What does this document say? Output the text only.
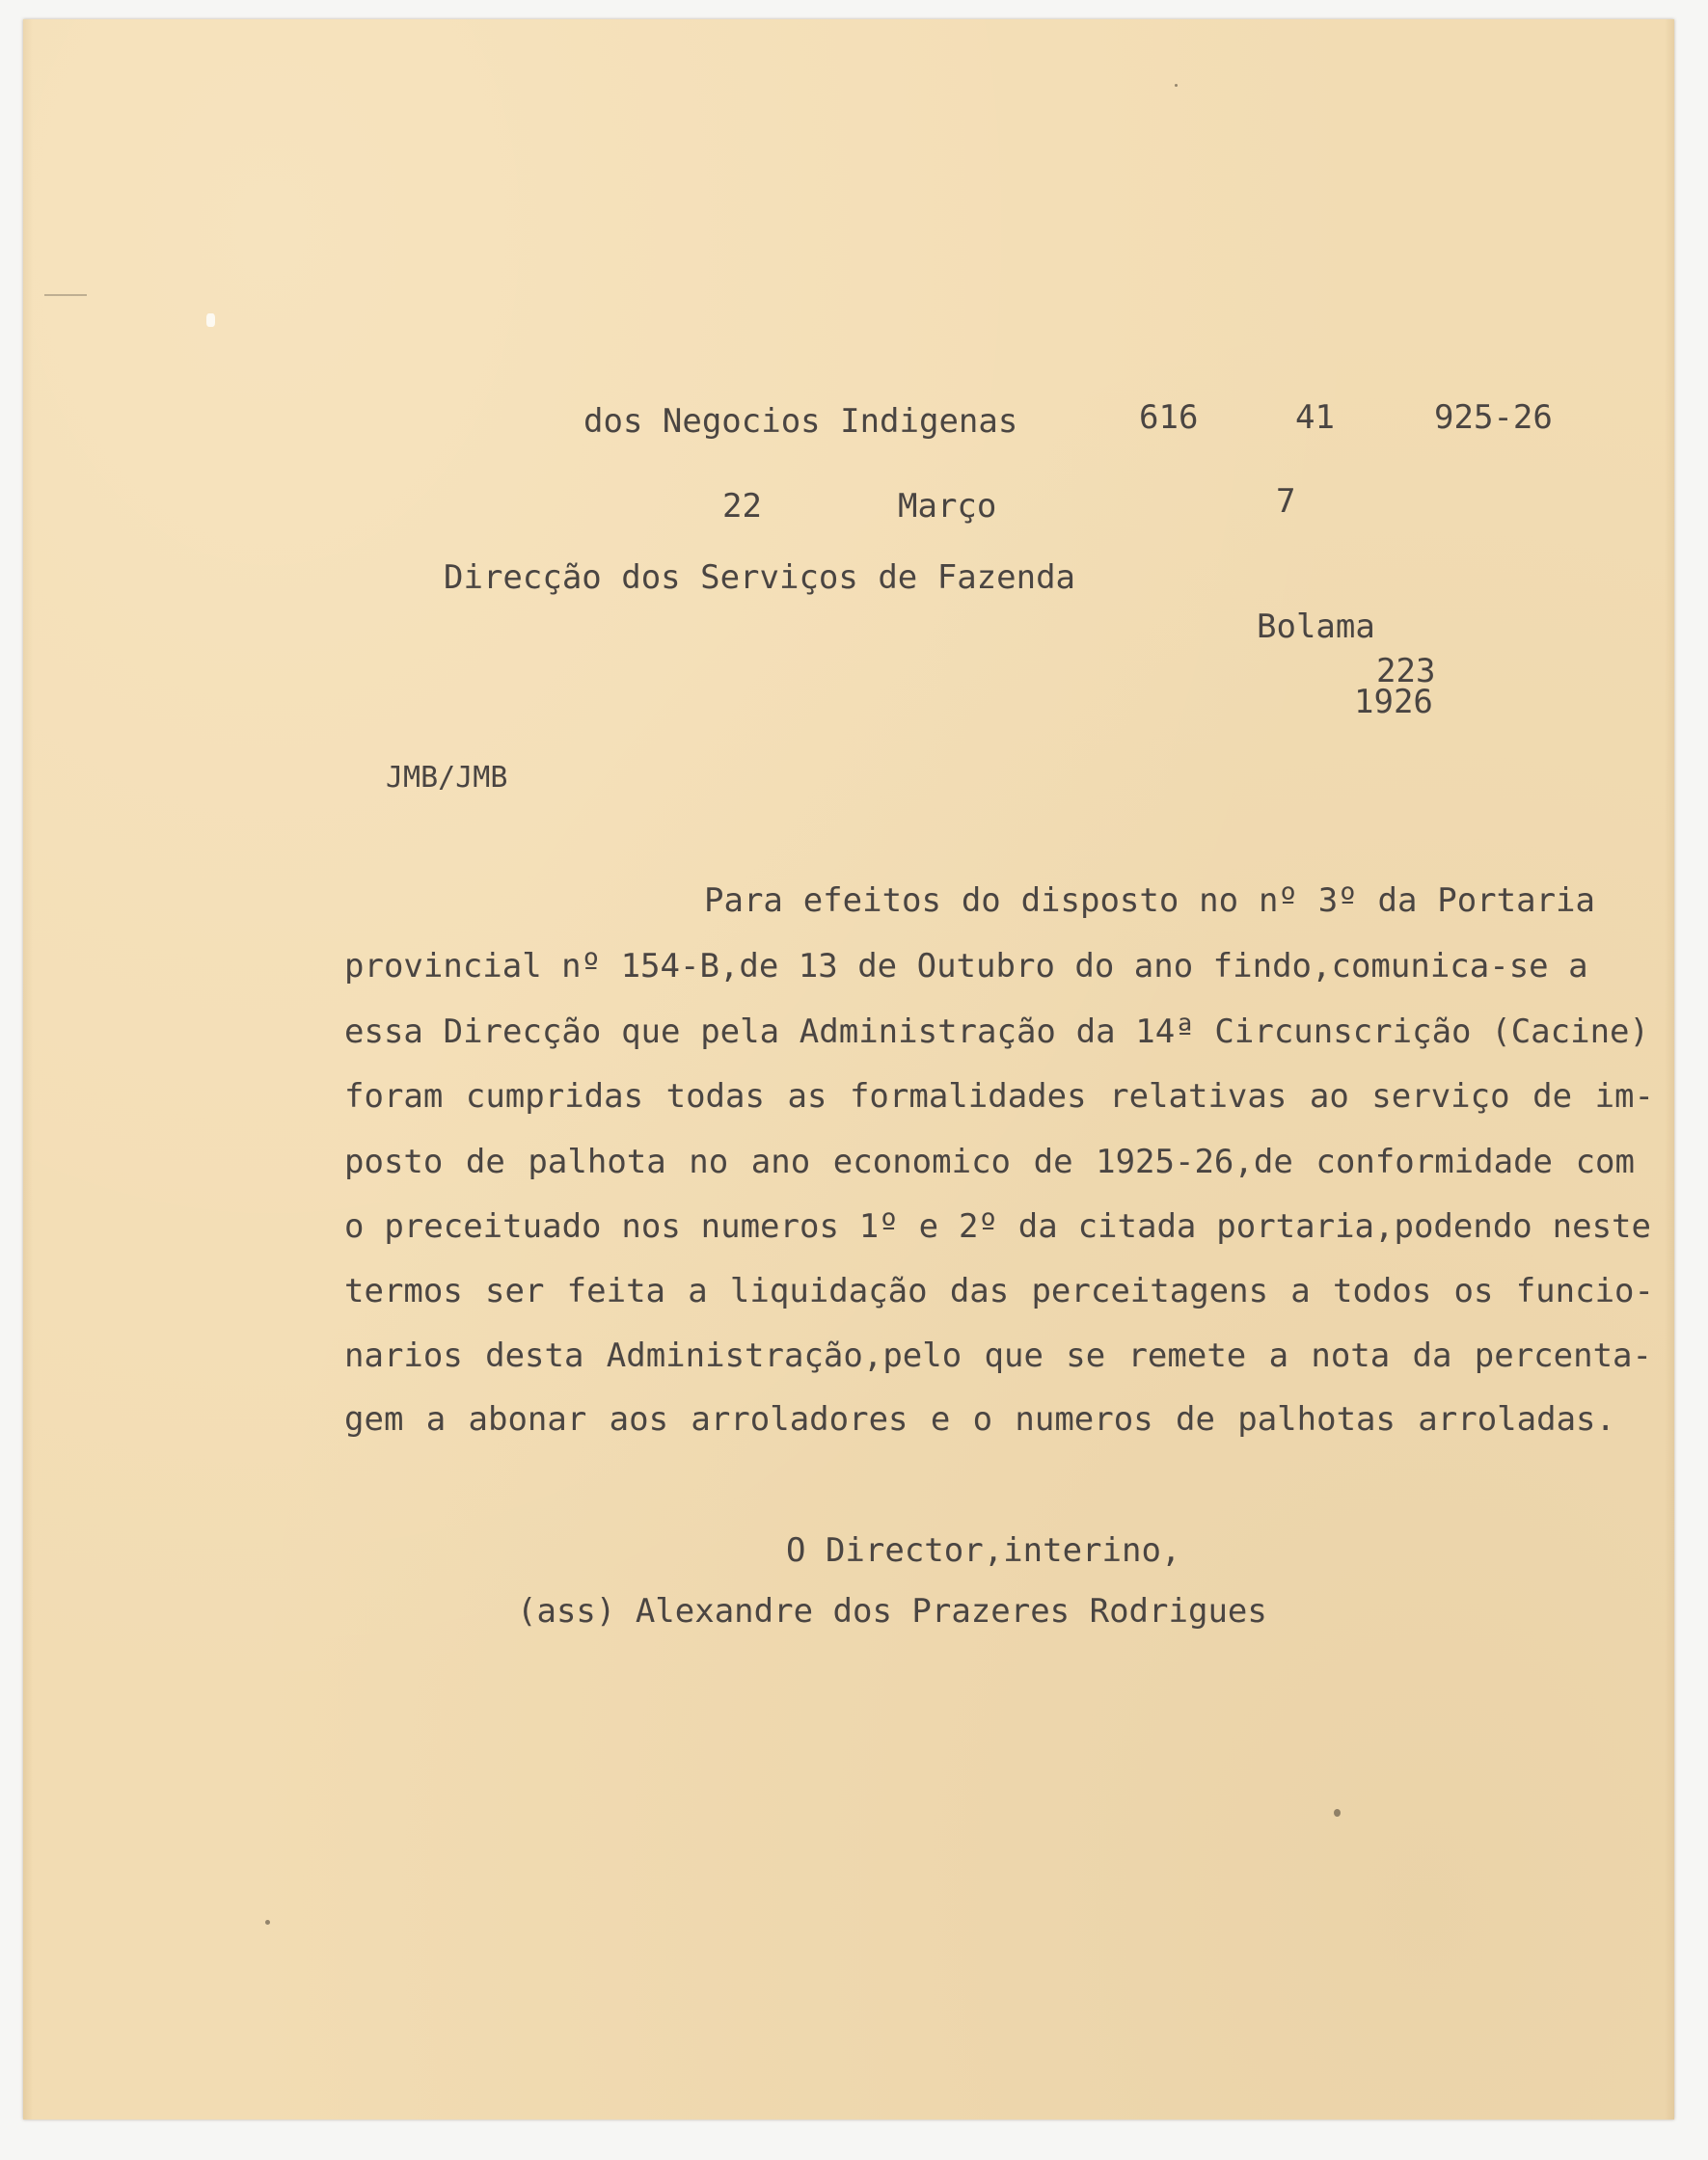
dos Negocios Indigenas	616	41	925-26
22	Março	7
Direcção dos Serviços de Fazenda
Bolama
223
1926
JMB/JMB
Para efeitos do disposto no nº 3º da Portaria
provincial nº 154-B,de 13 de Outubro do ano findo,comunica-se a
essa Direcção que pela Administração da 14ª Circunscrição (Cacine)
foram cumpridas todas as formalidades relativas ao serviço de im-
posto de palhota no ano economico de 1925-26,de conformidade com
o preceituado nos numeros 1º e 2º da citada portaria,podendo neste
termos ser feita a liquidação das perceitagens a todos os funcio-
narios desta Administração,pelo que se remete a nota da percenta-
gem a abonar aos arroladores e o numeros de palhotas arroladas.
O Director,interino,
(ass) Alexandre dos Prazeres Rodrigues
